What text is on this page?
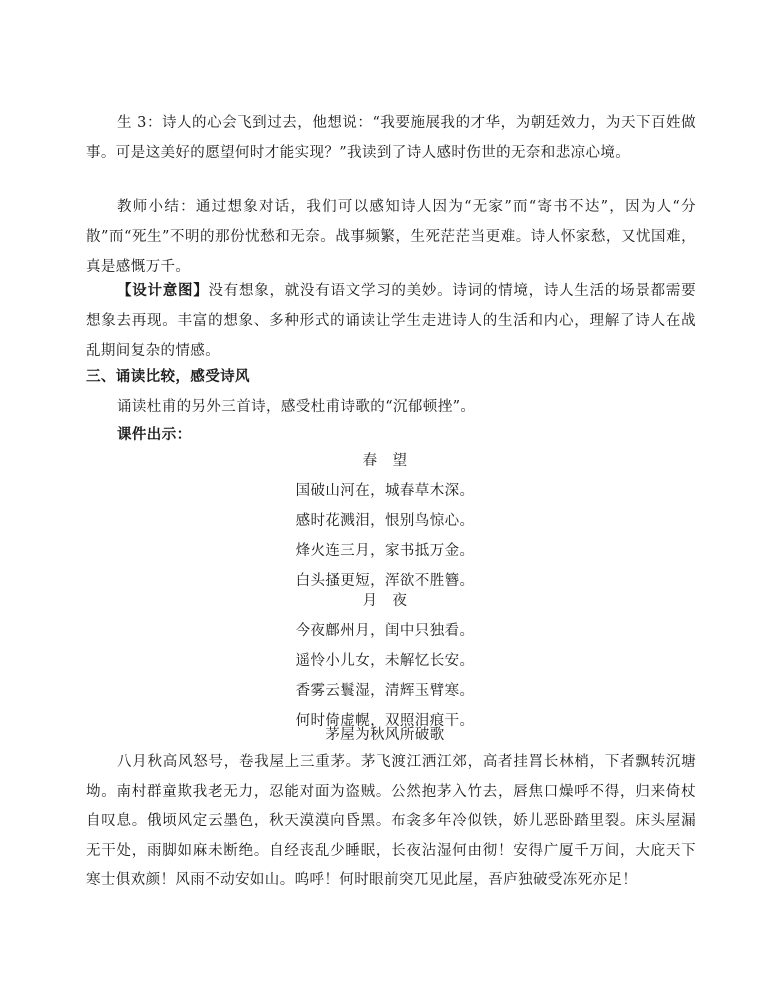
生 3：诗人的心会飞到过去，他想说：“我要施展我的才华，为朝廷效力，为天下百姓做事。可是这美好的愿望何时才能实现？”我读到了诗人感时伤世的无奈和悲凉心境。

教师小结：通过想象对话，我们可以感知诗人因为“无家”而“寄书不达”，因为人“分散”而“死生”不明的那份忧愁和无奈。战事频繁，生死茫茫当更难。诗人怀家愁，又忧国难，真是感慨万千。

【设计意图】没有想象，就没有语文学习的美妙。诗词的情境，诗人生活的场景都需要想象去再现。丰富的想象、多种形式的诵读让学生走进诗人的生活和内心，理解了诗人在战乱期间复杂的情感。

三、诵读比较，感受诗风

诵读杜甫的另外三首诗，感受杜甫诗歌的“沉郁顿挫”。

课件出示：

春　望
国破山河在，城春草木深。
感时花溅泪，恨别鸟惊心。
烽火连三月，家书抵万金。
白头搔更短，浑欲不胜簪。
月　夜
今夜鄜州月，闺中只独看。
遥怜小儿女，未解忆长安。
香雾云鬟湿，清辉玉臂寒。
何时倚虚幌，双照泪痕干。

茅屋为秋风所破歌

八月秋高风怒号，卷我屋上三重茅。茅飞渡江洒江郊，高者挂罥长林梢，下者飘转沉塘坳。南村群童欺我老无力，忍能对面为盗贼。公然抱茅入竹去，唇焦口燥呼不得，归来倚杖自叹息。俄顷风定云墨色，秋天漠漠向昏黑。布衾多年冷似铁，娇儿恶卧踏里裂。床头屋漏无干处，雨脚如麻未断绝。自经丧乱少睡眠，长夜沾湿何由彻！安得广厦千万间，大庇天下寒士俱欢颜！风雨不动安如山。呜呼！何时眼前突兀见此屋，吾庐独破受冻死亦足！
